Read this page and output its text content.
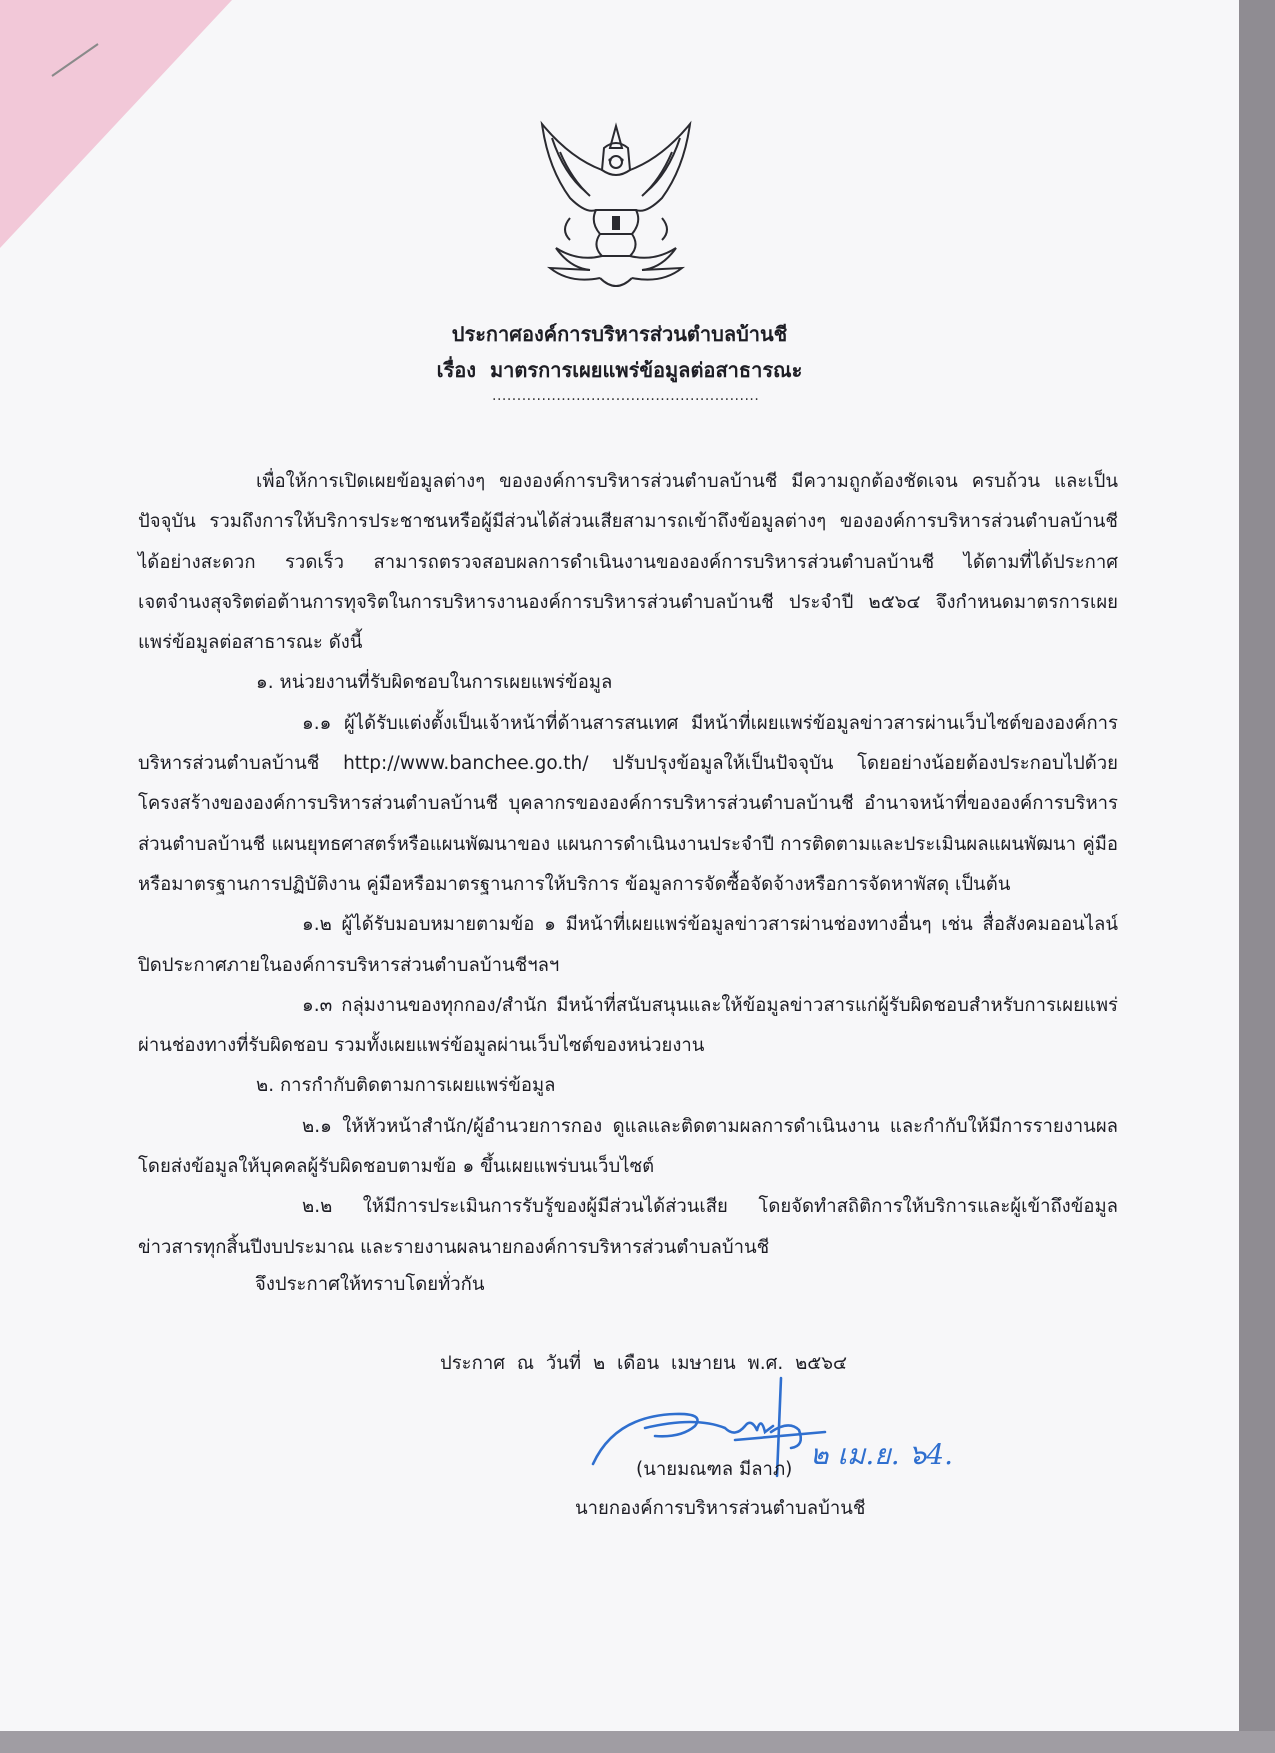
ประกาศองค์การบริหารส่วนตำบลบ้านชี
เรื่อง มาตรการเผยแพร่ข้อมูลต่อสาธารณะ
......................................................

เพื่อให้การเปิดเผยข้อมูลต่างๆ ขององค์การบริหารส่วนตำบลบ้านชี มีความถูกต้องชัดเจน ครบถ้วน และเป็นปัจจุบัน รวมถึงการให้บริการประชาชนหรือผู้มีส่วนได้ส่วนเสียสามารถเข้าถึงข้อมูลต่างๆ ขององค์การบริหารส่วนตำบลบ้านชี ได้อย่างสะดวก รวดเร็ว สามารถตรวจสอบผลการดำเนินงานขององค์การบริหารส่วนตำบลบ้านชี ได้ตามที่ได้ประกาศเจตจำนงสุจริตต่อต้านการทุจริตในการบริหารงานองค์การบริหารส่วนตำบลบ้านชี ประจำปี ๒๕๖๔ จึงกำหนดมาตรการเผยแพร่ข้อมูลต่อสาธารณะ ดังนี้

๑. หน่วยงานที่รับผิดชอบในการเผยแพร่ข้อมูล

๑.๑ ผู้ได้รับแต่งตั้งเป็นเจ้าหน้าที่ด้านสารสนเทศ มีหน้าที่เผยแพร่ข้อมูลข่าวสารผ่านเว็บไซต์ขององค์การบริหารส่วนตำบลบ้านชี http://www.banchee.go.th/ ปรับปรุงข้อมูลให้เป็นปัจจุบัน โดยอย่างน้อยต้องประกอบไปด้วย โครงสร้างขององค์การบริหารส่วนตำบลบ้านชี บุคลากรขององค์การบริหารส่วนตำบลบ้านชี อำนาจหน้าที่ขององค์การบริหารส่วนตำบลบ้านชี แผนยุทธศาสตร์หรือแผนพัฒนาของ แผนการดำเนินงานประจำปี การติดตามและประเมินผลแผนพัฒนา คู่มือหรือมาตรฐานการปฏิบัติงาน คู่มือหรือมาตรฐานการให้บริการ ข้อมูลการจัดซื้อจัดจ้างหรือการจัดหาพัสดุ เป็นต้น

๑.๒ ผู้ได้รับมอบหมายตามข้อ ๑ มีหน้าที่เผยแพร่ข้อมูลข่าวสารผ่านช่องทางอื่นๆ เช่น สื่อสังคมออนไลน์ ปิดประกาศภายในองค์การบริหารส่วนตำบลบ้านชีฯลฯ

๑.๓ กลุ่มงานของทุกกอง/สำนัก มีหน้าที่สนับสนุนและให้ข้อมูลข่าวสารแก่ผู้รับผิดชอบสำหรับการเผยแพร่ผ่านช่องทางที่รับผิดชอบ รวมทั้งเผยแพร่ข้อมูลผ่านเว็บไซต์ของหน่วยงาน

๒. การกำกับติดตามการเผยแพร่ข้อมูล

๒.๑ ให้หัวหน้าสำนัก/ผู้อำนวยการกอง ดูแลและติดตามผลการดำเนินงาน และกำกับให้มีการรายงานผลโดยส่งข้อมูลให้บุคคลผู้รับผิดชอบตามข้อ ๑ ขึ้นเผยแพร่บนเว็บไซต์

๒.๒ ให้มีการประเมินการรับรู้ของผู้มีส่วนได้ส่วนเสีย โดยจัดทำสถิติการให้บริการและผู้เข้าถึงข้อมูลข่าวสารทุกสิ้นปีงบประมาณ และรายงานผลนายกองค์การบริหารส่วนตำบลบ้านชี

จึงประกาศให้ทราบโดยทั่วกัน
ประกาศ ณ วันที่ ๒ เดือน เมษายน พ.ศ. ๒๕๖๔
๒ เม.ย. ๖4.
(นายมณฑล มีลาภ)
นายกองค์การบริหารส่วนตำบลบ้านชี
